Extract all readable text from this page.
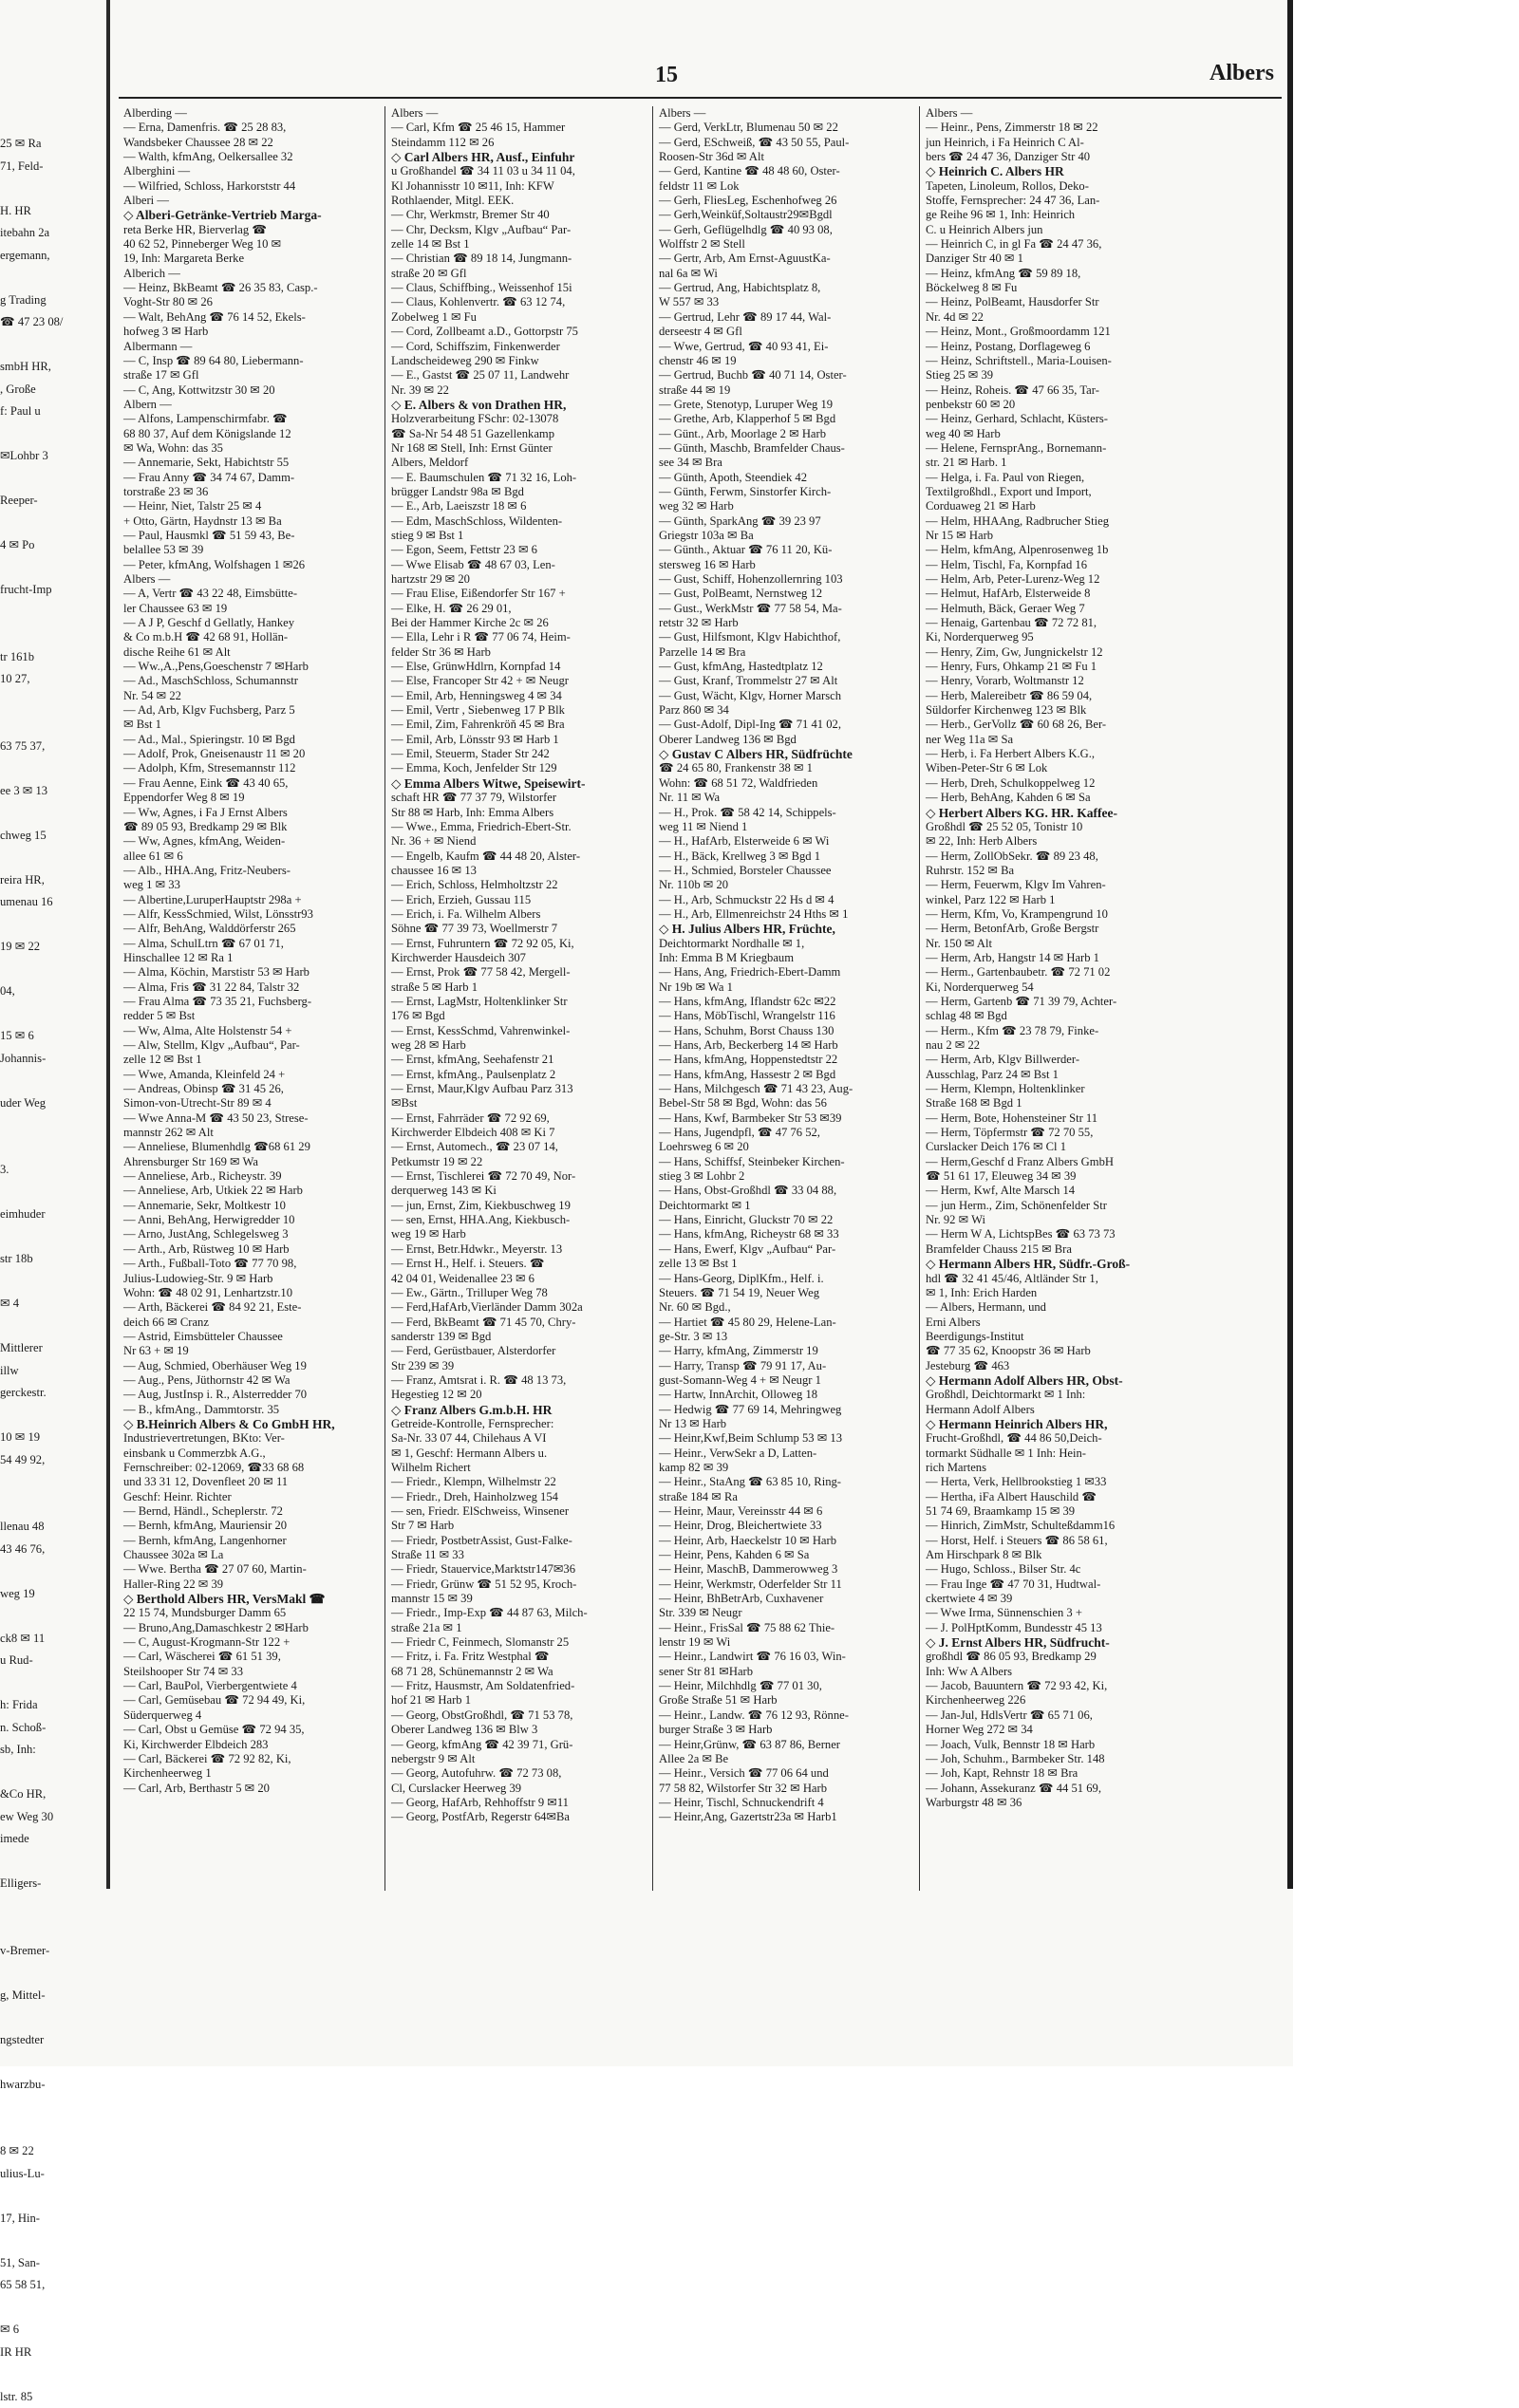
25 ✉ Ra
71, Feld-
H. HR
itebahn 2a
ergemann,
g Trading
☎ 47 23 08/
smbH HR,
, Große
f: Paul u
✉Lohbr 3
Reeper-
4 ✉ Po
frucht-Imp
tr 161b
10 27,
63 75 37,
ee 3 ✉ 13
chweg 15
reira HR,
umenau 16
19 ✉ 22
04,
15 ✉ 6
Johannis-
uder Weg
3.
eimhuder
str 18b
✉ 4
Mittlerer
illw
gerckestr.
10 ✉ 19
54 49 92,
llenau 48
43 46 76,
weg 19
ck8 ✉ 11
u Rud-
h: Frida
n. Schoß-
sb, Inh:
&Co HR,
ew Weg 30
imede
Elligers-
v-Bremer-
g, Mittel-
ngstedter
hwarzbu-
8 ✉ 22
ulius-Lu-
17, Hin-
51, San-
65 58 51,
✉ 6
IR HR
lstr. 85
15	Albers
Alberding —
— Erna, Damenfris. ☎ 25 28 83,
Wandsbeker Chaussee 28 ✉ 22
— Walth, kfmAng, Oelkersallee 32
Alberghini —
— Wilfried, Schloss, Harkorststr 44
Alberi —
◇ Alberi-Getränke-Vertrieb Marga-
reta Berke HR, Bierverlag ☎
40 62 52, Pinneberger Weg 10 ✉
19, Inh: Margareta Berke
Alberich —
— Heinz, BkBeamt ☎ 26 35 83, Casp.-
Voght-Str 80 ✉ 26
— Walt, BehAng ☎ 76 14 52, Ekels-
hofweg 3 ✉ Harb
Albermann —
— C, Insp ☎ 89 64 80, Liebermann-
straße 17 ✉ Gfl
— C, Ang, Kottwitzstr 30 ✉ 20
Albern —
— Alfons, Lampenschirmfabr. ☎
68 80 37, Auf dem Königslande 12
✉ Wa, Wohn: das 35
— Annemarie, Sekt, Habichtstr 55
— Frau Anny ☎ 34 74 67, Damm-
torstraße 23 ✉ 36
— Heinr, Niet, Talstr 25 ✉ 4
+ Otto, Gärtn, Haydnstr 13 ✉ Ba
— Paul, Hausmkl ☎ 51 59 43, Be-
belallee 53 ✉ 39
— Peter, kfmAng, Wolfshagen 1 ✉26
Albers —
— A, Vertr ☎ 43 22 48, Eimsbütte-
ler Chaussee 63 ✉ 19
— A J P, Geschf d Gellatly, Hankey
& Co m.b.H ☎ 42 68 91, Hollän-
dische Reihe 61 ✉ Alt
— Ww.,A.,Pens,Goeschenstr 7 ✉Harb
— Ad., MaschSchloss, Schumannstr
Nr. 54 ✉ 22
— Ad, Arb, Klgv Fuchsberg, Parz 5
✉ Bst 1
— Ad., Mal., Spieringstr. 10 ✉ Bgd
— Adolf, Prok, Gneisenaustr 11 ✉ 20
— Adolph, Kfm, Stresemannstr 112
— Frau Aenne, Eink ☎ 43 40 65,
Eppendorfer Weg 8 ✉ 19
— Ww, Agnes, i Fa J Ernst Albers
☎ 89 05 93, Bredkamp 29 ✉ Blk
— Ww, Agnes, kfmAng, Weiden-
allee 61 ✉ 6
— Alb., HHA.Ang, Fritz-Neubers-
weg 1 ✉ 33
— Albertine,LuruperHauptstr 298a +
— Alfr, KessSchmied, Wilst, Lönsstr93
— Alfr, BehAng, Walddörferstr 265
— Alma, SchulLtrn ☎ 67 01 71,
Hinschallee 12 ✉ Ra 1
— Alma, Köchin, Marstistr 53 ✉ Harb
— Alma, Fris ☎ 31 22 84, Talstr 32
— Frau Alma ☎ 73 35 21, Fuchsberg-
redder 5 ✉ Bst
— Ww, Alma, Alte Holstenstr 54 +
— Alw, Stellm, Klgv „Aufbau“, Par-
zelle 12 ✉ Bst 1
— Wwe, Amanda, Kleinfeld 24 +
— Andreas, Obinsp ☎ 31 45 26,
Simon-von-Utrecht-Str 89 ✉ 4
— Wwe Anna-M ☎ 43 50 23, Strese-
mannstr 262 ✉ Alt
— Anneliese, Blumenhdlg ☎68 61 29
Ahrensburger Str 169 ✉ Wa
— Anneliese, Arb., Richeystr. 39
— Anneliese, Arb, Utkiek 22 ✉ Harb
— Annemarie, Sekr, Moltkestr 10
— Anni, BehAng, Herwigredder 10
— Arno, JustAng, Schlegelsweg 3
— Arth., Arb, Rüstweg 10 ✉ Harb
— Arth., Fußball-Toto ☎ 77 70 98,
Julius-Ludowieg-Str. 9 ✉ Harb
Wohn: ☎ 48 02 91, Lenhartzstr.10
— Arth, Bäckerei ☎ 84 92 21, Este-
deich 66 ✉ Cranz
— Astrid, Eimsbütteler Chaussee
Nr 63 + ✉ 19
— Aug, Schmied, Oberhäuser Weg 19
— Aug., Pens, Jüthornstr 42 ✉ Wa
— Aug, JustInsp i. R., Alsterredder 70
— B., kfmAng., Dammtorstr. 35
◇ B.Heinrich Albers & Co GmbH HR,
Industrievertretungen, BKto: Ver-
einsbank u Commerzbk A.G.,
Fernschreiber: 02-12069, ☎33 68 68
und 33 31 12, Dovenfleet 20 ✉ 11
Geschf: Heinr. Richter
— Bernd, Händl., Scheplerstr. 72
— Bernh, kfmAng, Mauriensir 20
— Bernh, kfmAng, Langenhorner
Chaussee 302a ✉ La
— Wwe. Bertha ☎ 27 07 60, Martin-
Haller-Ring 22 ✉ 39
◇ Berthold Albers HR, VersMakl ☎
22 15 74, Mundsburger Damm 65
— Bruno,Ang,Damaschkestr 2 ✉Harb
— C, August-Krogmann-Str 122 +
— Carl, Wäscherei ☎ 61 51 39,
Steilshooper Str 74 ✉ 33
— Carl, BauPol, Vierbergentwiete 4
— Carl, Gemüsebau ☎ 72 94 49, Ki,
Süderquerweg 4
— Carl, Obst u Gemüse ☎ 72 94 35,
Ki, Kirchwerder Elbdeich 283
— Carl, Bäckerei ☎ 72 92 82, Ki,
Kirchenheerweg 1
— Carl, Arb, Berthastr 5 ✉ 20
Albers —
— Carl, Kfm ☎ 25 46 15, Hammer
Steindamm 112 ✉ 26
◇ Carl Albers HR, Ausf., Einfuhr
u Großhandel ☎ 34 11 03 u 34 11 04,
Kl Johannisstr 10 ✉11, Inh: KFW
Rothlaender, Mitgl. EEK.
— Chr, Werkmstr, Bremer Str 40
— Chr, Decksm, Klgv „Aufbau“ Par-
zelle 14 ✉ Bst 1
— Christian ☎ 89 18 14, Jungmann-
straße 20 ✉ Gfl
— Claus, Schiffbing., Weissenhof 15i
— Claus, Kohlenvertr. ☎ 63 12 74,
Zobelweg 1 ✉ Fu
— Cord, Zollbeamt a.D., Gottorpstr 75
— Cord, Schiffszim, Finkenwerder
Landscheideweg 290 ✉ Finkw
— E., Gastst ☎ 25 07 11, Landwehr
Nr. 39 ✉ 22
◇ E. Albers & von Drathen HR,
Holzverarbeitung FSchr: 02-13078
☎ Sa-Nr 54 48 51 Gazellenkamp
Nr 168 ✉ Stell, Inh: Ernst Günter
Albers, Meldorf
— E. Baumschulen ☎ 71 32 16, Loh-
brügger Landstr 98a ✉ Bgd
— E., Arb, Laeiszstr 18 ✉ 6
— Edm, MaschSchloss, Wildenten-
stieg 9 ✉ Bst 1
— Egon, Seem, Fettstr 23 ✉ 6
— Wwe Elisab ☎ 48 67 03, Len-
hartzstr 29 ✉ 20
— Frau Elise, Eißendorfer Str 167 +
— Elke, H. ☎ 26 29 01,
Bei der Hammer Kirche 2c ✉ 26
— Ella, Lehr i R ☎ 77 06 74, Heim-
felder Str 36 ✉ Harb
— Else, GrünwHdlrn, Kornpfad 14
— Else, Francoper Str 42 + ✉ Neugr
— Emil, Arb, Henningsweg 4 ✉ 34
— Emil, Vertr , Siebenweg 17 P Blk
— Emil, Zim, Fahrenkröň 45 ✉ Bra
— Emil, Arb, Lönsstr 93 ✉ Harb 1
— Emil, Steuerm, Stader Str 242
— Emma, Koch, Jenfelder Str 129
◇ Emma Albers Witwe, Speisewirt-
schaft HR ☎ 77 37 79, Wilstorfer
Str 88 ✉ Harb, Inh: Emma Albers
— Wwe., Emma, Friedrich-Ebert-Str.
Nr. 36 + ✉ Niend
— Engelb, Kaufm ☎ 44 48 20, Alster-
chaussee 16 ✉ 13
— Erich, Schloss, Helmholtzstr 22
— Erich, Erzieh, Gussau 115
— Erich, i. Fa. Wilhelm Albers
Söhne ☎ 77 39 73, Woellmerstr 7
— Ernst, Fuhruntern ☎ 72 92 05, Ki,
Kirchwerder Hausdeich 307
— Ernst, Prok ☎ 77 58 42, Mergell-
straße 5 ✉ Harb 1
— Ernst, LagMstr, Holtenklinker Str
176 ✉ Bgd
— Ernst, KessSchmd, Vahrenwinkel-
weg 28 ✉ Harb
— Ernst, kfmAng, Seehafenstr 21
— Ernst, kfmAng., Paulsenplatz 2
— Ernst, Maur,Klgv Aufbau Parz 313
✉Bst
— Ernst, Fahrräder ☎ 72 92 69,
Kirchwerder Elbdeich 408 ✉ Ki 7
— Ernst, Automech., ☎ 23 07 14,
Petkumstr 19 ✉ 22
— Ernst, Tischlerei ☎ 72 70 49, Nor-
derquerweg 143 ✉ Ki
— jun, Ernst, Zim, Kiekbuschweg 19
— sen, Ernst, HHA.Ang, Kiekbusch-
weg 19 ✉ Harb
— Ernst, Betr.Hdwkr., Meyerstr. 13
— Ernst H., Helf. i. Steuers. ☎
42 04 01, Weidenallee 23 ✉ 6
— Ew., Gärtn., Trilluper Weg 78
— Ferd,HafArb,Vierländer Damm 302a
— Ferd, BkBeamt ☎ 71 45 70, Chry-
sanderstr 139 ✉ Bgd
— Ferd, Gerüstbauer, Alsterdorfer
Str 239 ✉ 39
— Franz, Amtsrat i. R. ☎ 48 13 73,
Hegestieg 12 ✉ 20
◇ Franz Albers G.m.b.H. HR
Getreide-Kontrolle, Fernsprecher:
Sa-Nr. 33 07 44, Chilehaus A VI
✉ 1, Geschf: Hermann Albers u.
Wilhelm Richert
— Friedr., Klempn, Wilhelmstr 22
— Friedr., Dreh, Hainholzweg 154
— sen, Friedr. ElSchweiss, Winsener
Str 7 ✉ Harb
— Friedr, PostbetrAssist, Gust-Falke-
Straße 11 ✉ 33
— Friedr, Stauervice,Marktstr147✉36
— Friedr, Grünw ☎ 51 52 95, Kroch-
mannstr 15 ✉ 39
— Friedr., Imp-Exp ☎ 44 87 63, Milch-
straße 21a ✉ 1
— Friedr C, Feinmech, Slomanstr 25
— Fritz, i. Fa. Fritz Westphal ☎
68 71 28, Schünemannstr 2 ✉ Wa
— Fritz, Hausmstr, Am Soldatenfried-
hof 21 ✉ Harb 1
— Georg, ObstGroßhdl, ☎ 71 53 78,
Oberer Landweg 136 ✉ Blw 3
— Georg, kfmAng ☎ 42 39 71, Grü-
nebergstr 9 ✉ Alt
— Georg, Autofuhrw. ☎ 72 73 08,
Cl, Curslacker Heerweg 39
— Georg, HafArb, Rehhoffstr 9 ✉11
— Georg, PostfArb, Regerstr 64✉Ba
Albers —
— Gerd, VerkLtr, Blumenau 50 ✉ 22
— Gerd, ESchweiß, ☎ 43 50 55, Paul-
Roosen-Str 36d ✉ Alt
— Gerd, Kantine ☎ 48 48 60, Oster-
feldstr 11 ✉ Lok
— Gerh, FliesLeg, Eschenhofweg 26
— Gerh,Weinküf,Soltaustr29✉Bgdl
— Gerh, Geflügelhdlg ☎ 40 93 08,
Wolffstr 2 ✉ Stell
— Gertr, Arb, Am Ernst-AguustKa-
nal 6a ✉ Wi
— Gertrud, Ang, Habichtsplatz 8,
W 557 ✉ 33
— Gertrud, Lehr ☎ 89 17 44, Wal-
derseestr 4 ✉ Gfl
— Wwe, Gertrud, ☎ 40 93 41, Ei-
chenstr 46 ✉ 19
— Gertrud, Buchb ☎ 40 71 14, Oster-
straße 44 ✉ 19
— Grete, Stenotyp, Luruper Weg 19
— Grethe, Arb, Klapperhof 5 ✉ Bgd
— Günt., Arb, Moorlage 2 ✉ Harb
— Günth, Maschb, Bramfelder Chaus-
see 34 ✉ Bra
— Günth, Apoth, Steendiek 42
— Günth, Ferwm, Sinstorfer Kirch-
weg 32 ✉ Harb
— Günth, SparkAng ☎ 39 23 97
Griegstr 103a ✉ Ba
— Günth., Aktuar ☎ 76 11 20, Kü-
stersweg 16 ✉ Harb
— Gust, Schiff, Hohenzollernring 103
— Gust, PolBeamt, Nernstweg 12
— Gust., WerkMstr ☎ 77 58 54, Ma-
retstr 32 ✉ Harb
— Gust, Hilfsmont, Klgv Habichthof,
Parzelle 14 ✉ Bra
— Gust, kfmAng, Hastedtplatz 12
— Gust, Kranf, Trommelstr 27 ✉ Alt
— Gust, Wächt, Klgv, Horner Marsch
Parz 860 ✉ 34
— Gust-Adolf, Dipl-Ing ☎ 71 41 02,
Oberer Landweg 136 ✉ Bgd
◇ Gustav C Albers HR, Südfrüchte
☎ 24 65 80, Frankenstr 38 ✉ 1
Wohn: ☎ 68 51 72, Waldfrieden
Nr. 11 ✉ Wa
— H., Prok. ☎ 58 42 14, Schippels-
weg 11 ✉ Niend 1
— H., HafArb, Elsterweide 6 ✉ Wi
— H., Bäck, Krellweg 3 ✉ Bgd 1
— H., Schmied, Borsteler Chaussee
Nr. 110b ✉ 20
— H., Arb, Schmuckstr 22 Hs d ✉ 4
— H., Arb, Ellmenreichstr 24 Hths ✉ 1
◇ H. Julius Albers HR, Früchte,
Deichtormarkt Nordhalle ✉ 1,
Inh: Emma B M Kriegbaum
— Hans, Ang, Friedrich-Ebert-Damm
Nr 19b ✉ Wa 1
— Hans, kfmAng, Iflandstr 62c ✉22
— Hans, MöbTischl, Wrangelstr 116
— Hans, Schuhm, Borst Chauss 130
— Hans, Arb, Beckerberg 14 ✉ Harb
— Hans, kfmAng, Hoppenstedtstr 22
— Hans, kfmAng, Hassestr 2 ✉ Bgd
— Hans, Milchgesch ☎ 71 43 23, Aug-
Bebel-Str 58 ✉ Bgd, Wohn: das 56
— Hans, Kwf, Barmbeker Str 53 ✉39
— Hans, Jugendpfl, ☎ 47 76 52,
Loehrsweg 6 ✉ 20
— Hans, Schiffsf, Steinbeker Kirchen-
stieg 3 ✉ Lohbr 2
— Hans, Obst-Großhdl ☎ 33 04 88,
Deichtormarkt ✉ 1
— Hans, Einricht, Gluckstr 70 ✉ 22
— Hans, kfmAng, Richeystr 68 ✉ 33
— Hans, Ewerf, Klgv „Aufbau“ Par-
zelle 13 ✉ Bst 1
— Hans-Georg, DiplKfm., Helf. i.
Steuers. ☎ 71 54 19, Neuer Weg
Nr. 60 ✉ Bgd.,
— Hartiet ☎ 45 80 29, Helene-Lan-
ge-Str. 3 ✉ 13
— Harry, kfmAng, Zimmerstr 19
— Harry, Transp ☎ 79 91 17, Au-
gust-Somann-Weg 4 + ✉ Neugr 1
— Hartw, InnArchit, Olloweg 18
— Hedwig ☎ 77 69 14, Mehringweg
Nr 13 ✉ Harb
— Heinr,Kwf,Beim Schlump 53 ✉ 13
— Heinr., VerwSekr a D, Latten-
kamp 82 ✉ 39
— Heinr., StaAng ☎ 63 85 10, Ring-
straße 184 ✉ Ra
— Heinr, Maur, Vereinsstr 44 ✉ 6
— Heinr, Drog, Bleichertwiete 33
— Heinr, Arb, Haeckelstr 10 ✉ Harb
— Heinr, Pens, Kahden 6 ✉ Sa
— Heinr, MaschB, Dammerowweg 3
— Heinr, Werkmstr, Oderfelder Str 11
— Heinr, BhBetrArb, Cuxhavener
Str. 339 ✉ Neugr
— Heinr., FrisSal ☎ 75 88 62 Thie-
lenstr 19 ✉ Wi
— Heinr., Landwirt ☎ 76 16 03, Win-
sener Str 81 ✉Harb
— Heinr, Milchhdlg ☎ 77 01 30,
Große Straße 51 ✉ Harb
— Heinr., Landw. ☎ 76 12 93, Rönne-
burger Straße 3 ✉ Harb
— Heinr,Grünw, ☎ 63 87 86, Berner
Allee 2a ✉ Be
— Heinr., Versich ☎ 77 06 64 und
77 58 82, Wilstorfer Str 32 ✉ Harb
— Heinr, Tischl, Schnuckendrift 4
— Heinr,Ang, Gazertstr23a ✉ Harb1
Albers —
— Heinr., Pens, Zimmerstr 18 ✉ 22
jun Heinrich, i Fa Heinrich C Al-
bers ☎ 24 47 36, Danziger Str 40
◇ Heinrich C. Albers HR
Tapeten, Linoleum, Rollos, Deko-
Stoffe, Fernsprecher: 24 47 36, Lan-
ge Reihe 96 ✉ 1, Inh: Heinrich
C. u Heinrich Albers jun
— Heinrich C, in gl Fa ☎ 24 47 36,
Danziger Str 40 ✉ 1
— Heinz, kfmAng ☎ 59 89 18,
Böckelweg 8 ✉ Fu
— Heinz, PolBeamt, Hausdorfer Str
Nr. 4d ✉ 22
— Heinz, Mont., Großmoordamm 121
— Heinz, Postang, Dorflageweg 6
— Heinz, Schriftstell., Maria-Louisen-
Stieg 25 ✉ 39
— Heinz, Roheis. ☎ 47 66 35, Tar-
penbekstr 60 ✉ 20
— Heinz, Gerhard, Schlacht, Küsters-
weg 40 ✉ Harb
— Helene, FernsprAng., Bornemann-
str. 21 ✉ Harb. 1
— Helga, i. Fa. Paul von Riegen,
Textilgroßhdl., Export und Import,
Corduaweg 21 ✉ Harb
— Helm, HHAAng, Radbrucher Stieg
Nr 15 ✉ Harb
— Helm, kfmAng, Alpenrosenweg 1b
— Helm, Tischl, Fa, Kornpfad 16
— Helm, Arb, Peter-Lurenz-Weg 12
— Helmut, HafArb, Elsterweide 8
— Helmuth, Bäck, Geraer Weg 7
— Henaig, Gartenbau ☎ 72 72 81,
Ki, Norderquerweg 95
— Henry, Zim, Gw, Jungnickelstr 12
— Henry, Furs, Ohkamp 21 ✉ Fu 1
— Henry, Vorarb, Woltmanstr 12
— Herb, Malereibetr ☎ 86 59 04,
Süldorfer Kirchenweg 123 ✉ Blk
— Herb., GerVollz ☎ 60 68 26, Ber-
ner Weg 11a ✉ Sa
— Herb, i. Fa Herbert Albers K.G.,
Wiben-Peter-Str 6 ✉ Lok
— Herb, Dreh, Schulkoppelweg 12
— Herb, BehAng, Kahden 6 ✉ Sa
◇ Herbert Albers KG. HR. Kaffee-
Großhdl ☎ 25 52 05, Tonistr 10
✉ 22, Inh: Herb Albers
— Herm, ZollObSekr. ☎ 89 23 48,
Ruhrstr. 152 ✉ Ba
— Herm, Feuerwm, Klgv Im Vahren-
winkel, Parz 122 ✉ Harb 1
— Herm, Kfm, Vo, Krampengrund 10
— Herm, BetonfArb, Große Bergstr
Nr. 150 ✉ Alt
— Herm, Arb, Hangstr 14 ✉ Harb 1
— Herm., Gartenbaubetr. ☎ 72 71 02
Ki, Norderquerweg 54
— Herm, Gartenb ☎ 71 39 79, Achter-
schlag 48 ✉ Bgd
— Herm., Kfm ☎ 23 78 79, Finke-
nau 2 ✉ 22
— Herm, Arb, Klgv Billwerder-
Ausschlag, Parz 24 ✉ Bst 1
— Herm, Klempn, Holtenklinker
Straße 168 ✉ Bgd 1
— Herm, Bote, Hohensteiner Str 11
— Herm, Töpfermstr ☎ 72 70 55,
Curslacker Deich 176 ✉ Cl 1
— Herm,Geschf d Franz Albers GmbH
☎ 51 61 17, Eleuweg 34 ✉ 39
— Herm, Kwf, Alte Marsch 14
— jun Herm., Zim, Schönenfelder Str
Nr. 92 ✉ Wi
— Herm W A, LichtspBes ☎ 63 73 73
Bramfelder Chauss 215 ✉ Bra
◇ Hermann Albers HR, Südfr.-Groß-
hdl ☎ 32 41 45/46, Altländer Str 1,
✉ 1, Inh: Erich Harden
— Albers, Hermann, und
Erni Albers
Beerdigungs-Institut
☎ 77 35 62, Knoopstr 36 ✉ Harb
Jesteburg ☎ 463
◇ Hermann Adolf Albers HR, Obst-
Großhdl, Deichtormarkt ✉ 1 Inh:
Hermann Adolf Albers
◇ Hermann Heinrich Albers HR,
Frucht-Großhdl, ☎ 44 86 50,Deich-
tormarkt Südhalle ✉ 1 Inh: Hein-
rich Martens
— Herta, Verk, Hellbrookstieg 1 ✉33
— Hertha, iFa Albert Hauschild ☎
51 74 69, Braamkamp 15 ✉ 39
— Hinrich, ZimMstr, Schulteßdamm16
— Horst, Helf. i Steuers ☎ 86 58 61,
Am Hirschpark 8 ✉ Blk
— Hugo, Schloss., Bilser Str. 4c
— Frau Inge ☎ 47 70 31, Hudtwal-
ckertwiete 4 ✉ 39
— Wwe Irma, Sünnenschien 3 +
— J. PolHptKomm, Bundesstr 45 13
◇ J. Ernst Albers HR, Südfrucht-
großhdl ☎ 86 05 93, Bredkamp 29
Inh: Ww A Albers
— Jacob, Bauuntern ☎ 72 93 42, Ki,
Kirchenheerweg 226
— Jan-Jul, HdlsVertr ☎ 65 71 06,
Horner Weg 272 ✉ 34
— Joach, Vulk, Bennstr 18 ✉ Harb
— Joh, Schuhm., Barmbeker Str. 148
— Joh, Kapt, Rehnstr 18 ✉ Bra
— Johann, Assekuranz ☎ 44 51 69,
Warburgstr 48 ✉ 36
